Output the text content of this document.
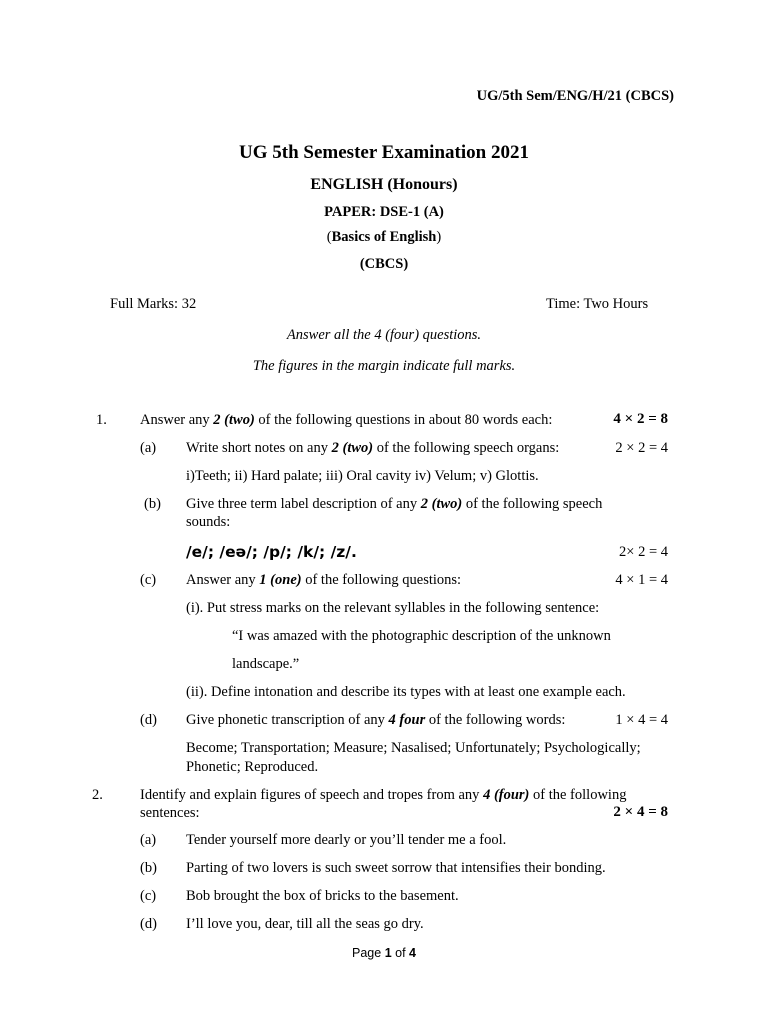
UG/5th Sem/ENG/H/21 (CBCS)
UG 5th Semester Examination 2021
ENGLISH (Honours)
PAPER: DSE-1 (A)
(Basics of English)
(CBCS)
Full Marks: 32	Time: Two Hours
Answer all the 4 (four) questions.
The figures in the margin indicate full marks.
1. Answer any 2 (two) of the following questions in about 80 words each:	4 × 2 = 8
(a) Write short notes on any 2 (two) of the following speech organs:	2 × 2 = 4
i)Teeth; ii) Hard palate; iii) Oral cavity iv) Velum; v) Glottis.
(b) Give three term label description of any 2 (two) of the following speech
sounds:
/e/; /eə/; /p/; /k/; /z/.	2× 2 = 4
(c) Answer any 1 (one) of the following questions:	4 × 1 = 4
(i). Put stress marks on the relevant syllables in the following sentence:
“I was amazed with the photographic description of the unknown
landscape.”
(ii). Define intonation and describe its types with at least one example each.
(d) Give phonetic transcription of any 4 four of the following words:	1 × 4 = 4
Become; Transportation; Measure; Nasalised; Unfortunately; Psychologically;
Phonetic; Reproduced.
2.	Identify and explain figures of speech and tropes from any 4 (four) of the following
sentences:	2 × 4 = 8
(a) Tender yourself more dearly or you’ll tender me a fool.
(b) Parting of two lovers is such sweet sorrow that intensifies their bonding.
(c) Bob brought the box of bricks to the basement.
(d) I’ll love you, dear, till all the seas go dry.
Page 1 of 4
